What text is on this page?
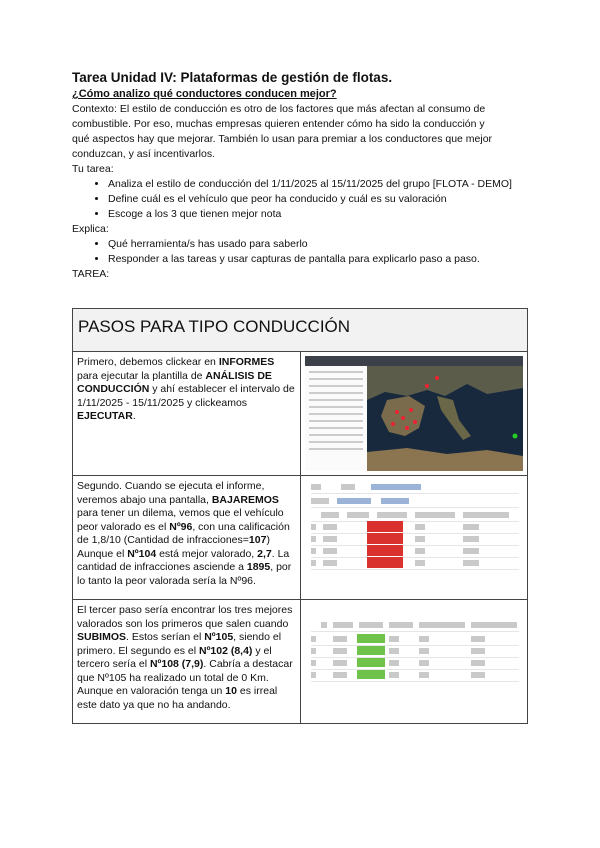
Tarea Unidad IV: Plataformas de gestión de flotas.

¿Cómo analizo qué conductores conducen mejor?

Contexto: El estilo de conducción es otro de los factores que más afectan al consumo de

combustible. Por eso, muchas empresas quieren entender cómo ha sido la conducción y

qué aspectos hay que mejorar. También lo usan para premiar a los conductores que mejor

conduzcan, y así incentivarlos.

Tu tarea:

• Analiza el estilo de conducción del 1/11/2025 al 15/11/2025 del grupo [FLOTA - DEMO]
• Define cuál es el vehículo que peor ha conducido y cuál es su valoración
• Escoge a los 3 que tienen mejor nota

Explica:

• Qué herramienta/s has usado para saberlo
• Responder a las tareas y usar capturas de pantalla para explicarlo paso a paso.

TAREA:

PASOS PARA TIPO CONDUCCIÓN	
Primero, debemos clickear en INFORMES para ejecutar la plantilla de ANÁLISIS DE CONDUCCIÓN y ahí establecer el intervalo de 1/11/2025 - 15/11/2025 y clickeamos EJECUTAR.	

Segundo. Cuando se ejecuta el informe, veremos abajo una pantalla, BAJAREMOS para tener un dilema, vemos que el vehículo peor valorado es el Nº96, con una calificación de 1,8/10 (Cantidad de infracciones=107) Aunque el Nº104 está mejor valorado, 2,7. La cantidad de infracciones asciende a 1895, por lo tanto la peor valorada sería la Nº96.	

El tercer paso sería encontrar los tres mejores valorados son los primeros que salen cuando SUBIMOS. Estos serían el Nº105, siendo el primero. El segundo es el Nº102 (8,4) y el tercero sería el Nº108 (7,9). Cabría a destacar que Nº105 ha realizado un total de 0 Km. Aunque en valoración tenga un 10 es irreal este dato ya que no ha andando.	
